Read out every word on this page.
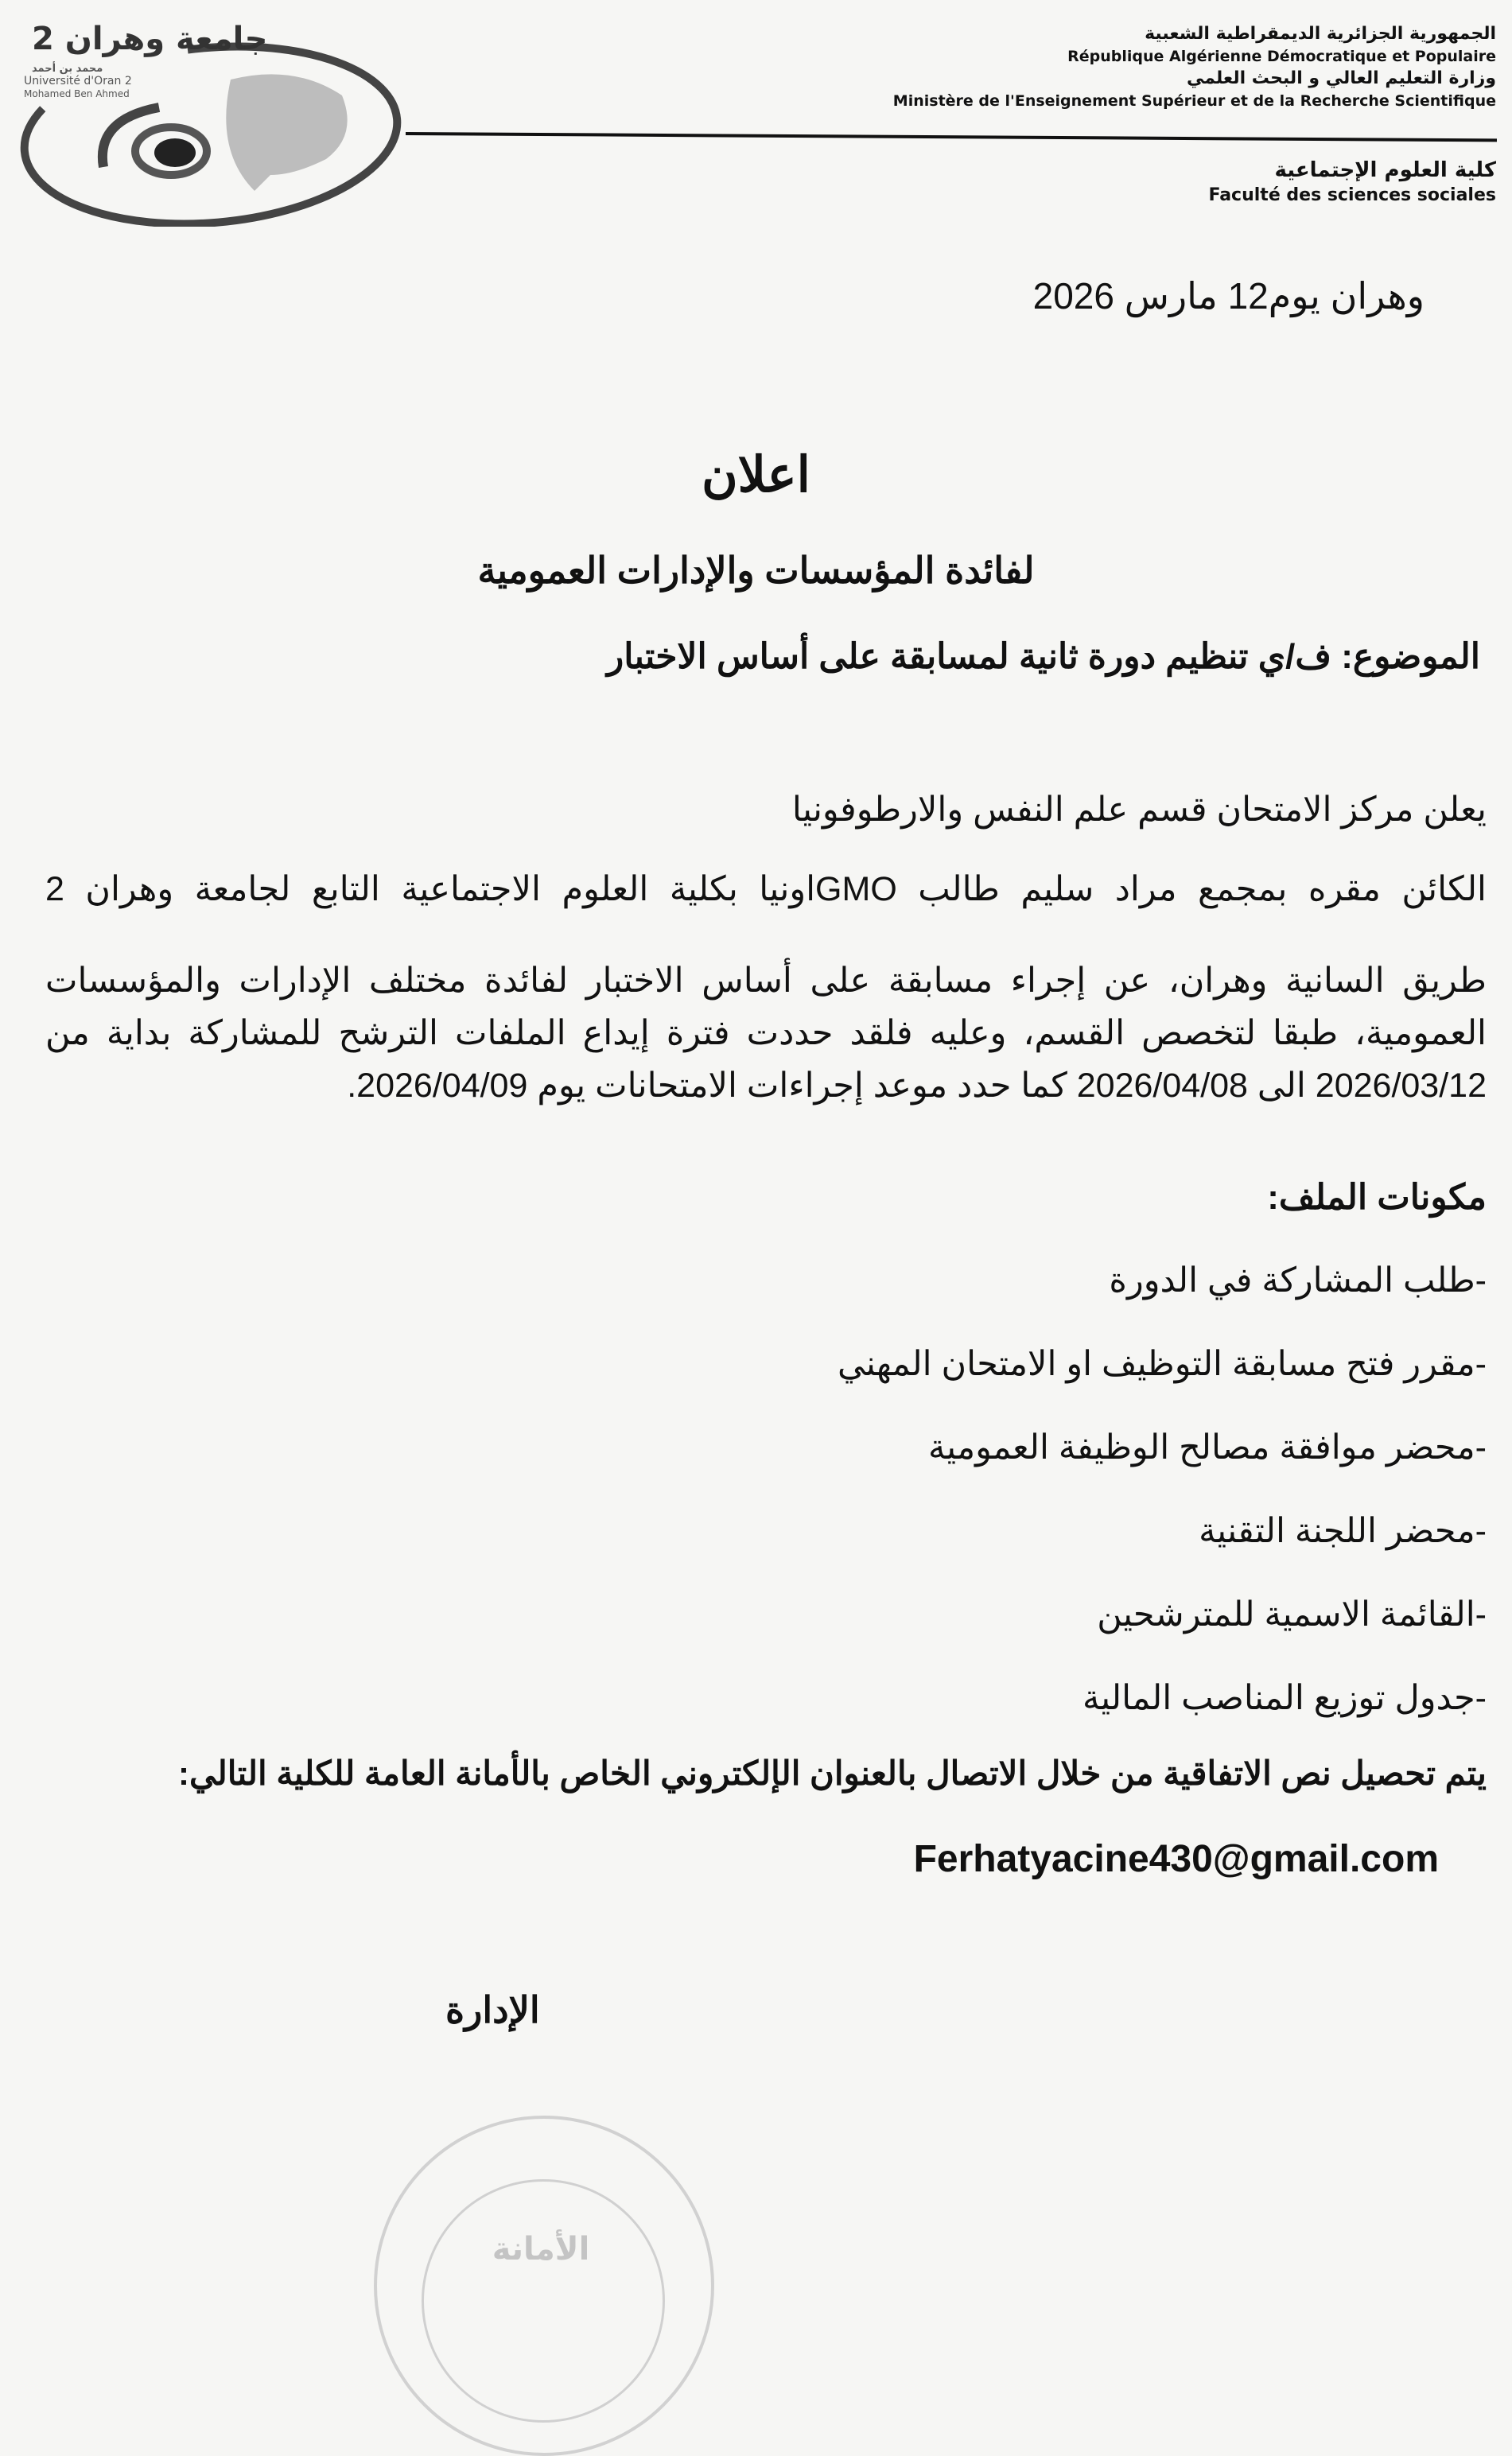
جامعة وهران 2
محمد بن أحمد
Université d'Oran 2
Mohamed Ben Ahmed
الجمهورية الجزائرية الديمقراطية الشعبية
République Algérienne Démocratique et Populaire
وزارة التعليم العالي و البحث العلمي
Ministère de l'Enseignement Supérieur et de la Recherche Scientifique
كلية العلوم الإجتماعية
Faculté des sciences sociales
وهران يوم12 مارس 2026
اعلان
لفائدة المؤسسات والإدارات العمومية
الموضوع: ف/ي تنظيم دورة ثانية لمسابقة على أساس الاختبار
يعلن مركز الامتحان قسم علم النفس والارطوفونيا
الكائن مقره بمجمع مراد سليم طالب GMOاونيا بكلية العلوم الاجتماعية التابع لجامعة وهران 2
طريق السانية وهران، عن إجراء مسابقة على أساس الاختبار لفائدة مختلف الإدارات والمؤسسات
العمومية، طبقا لتخصص القسم، وعليه فلقد حددت فترة إيداع الملفات الترشح للمشاركة بداية من
2026/03/12 الى 2026/04/08 كما حدد موعد إجراءات الامتحانات يوم 2026/04/09.
مكونات الملف:
-طلب المشاركة في الدورة
-مقرر فتح مسابقة التوظيف او الامتحان المهني
-محضر موافقة مصالح الوظيفة العمومية
-محضر اللجنة التقنية
-القائمة الاسمية للمترشحين
-جدول توزيع المناصب المالية
يتم تحصيل نص الاتفاقية من خلال الاتصال بالعنوان الإلكتروني الخاص بالأمانة العامة للكلية التالي:
Ferhatyacine430@gmail.com
الإدارة
الأمانة
